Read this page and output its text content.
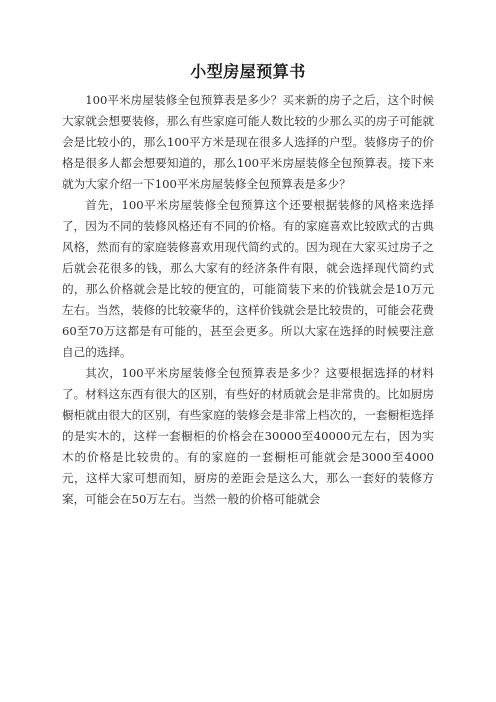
小型房屋预算书

100平米房屋装修全包预算表是多少？买来新的房子之后，这个时候大家就会想要装修，那么有些家庭可能人数比较的少那么买的房子可能就会是比较小的，那么100平方米是现在很多人选择的户型。装修房子的价格是很多人都会想要知道的，那么100平米房屋装修全包预算表。接下来就为大家介绍一下100平米房屋装修全包预算表是多少？

首先，100平米房屋装修全包预算这个还要根据装修的风格来选择了，因为不同的装修风格还有不同的价格。有的家庭喜欢比较欧式的古典风格，然而有的家庭装修喜欢用现代简约式的。因为现在大家买过房子之后就会花很多的钱，那么大家有的经济条件有限，就会选择现代简约式的，那么价格就会是比较的便宜的，可能简装下来的价钱就会是10万元左右。当然，装修的比较豪华的，这样价钱就会是比较贵的，可能会花费60至70万这都是有可能的，甚至会更多。所以大家在选择的时候要注意自己的选择。

其次，100平米房屋装修全包预算表是多少？这要根据选择的材料了。材料这东西有很大的区别，有些好的材质就会是非常贵的。比如厨房橱柜就由很大的区别，有些家庭的装修会是非常上档次的，一套橱柜选择的是实木的，这样一套橱柜的价格会在30000至40000元左右，因为实木的价格是比较贵的。有的家庭的一套橱柜可能就会是3000至4000元，这样大家可想而知，厨房的差距会是这么大，那么一套好的装修方案，可能会在50万左右。当然一般的价格可能就会
